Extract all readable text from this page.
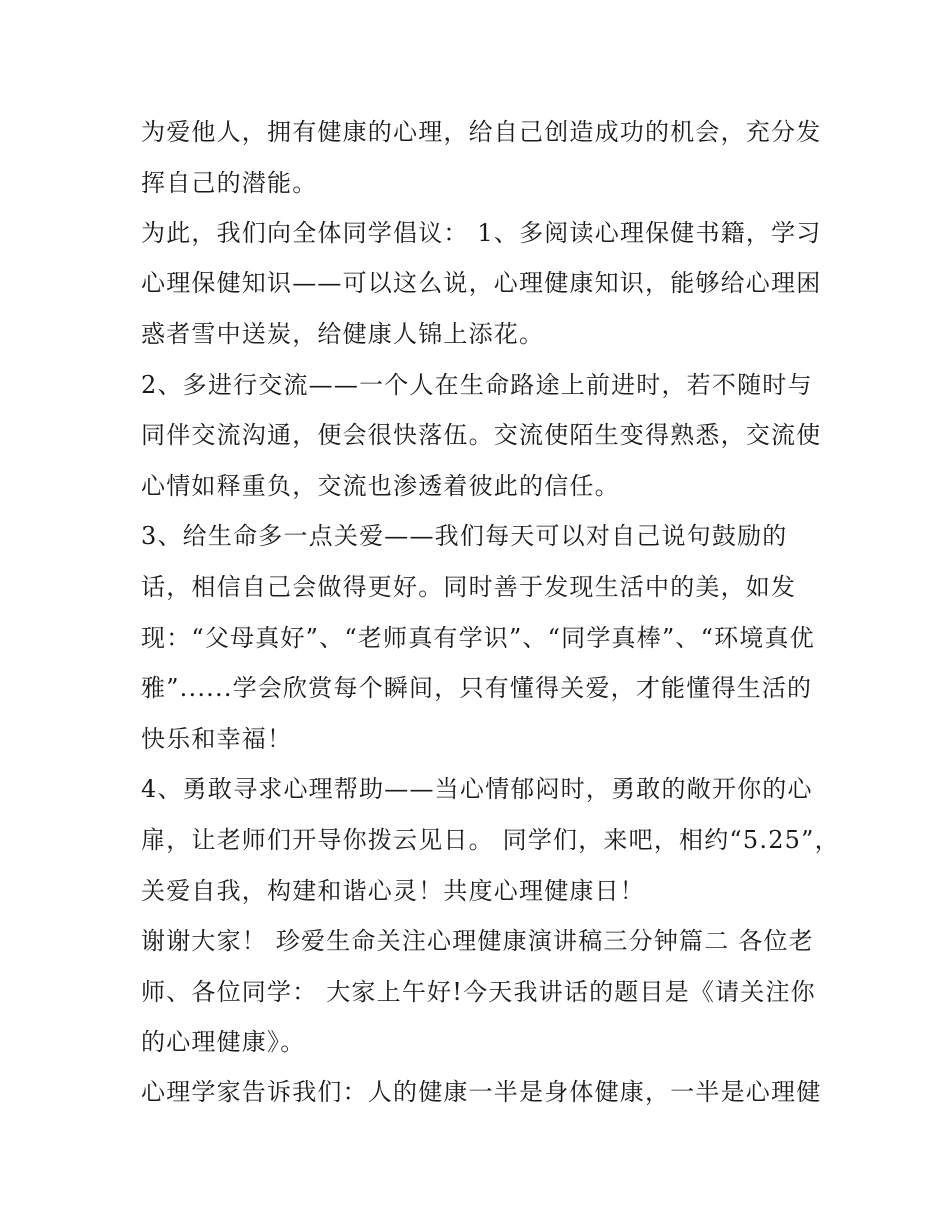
为爱他人，拥有健康的心理，给自己创造成功的机会，充分发
挥自己的潜能。
为此，我们向全体同学倡议： 1、多阅读心理保健书籍，学习
心理保健知识——可以这么说，心理健康知识，能够给心理困
惑者雪中送炭，给健康人锦上添花。
2、多进行交流——一个人在生命路途上前进时，若不随时与
同伴交流沟通，便会很快落伍。交流使陌生变得熟悉，交流使
心情如释重负，交流也渗透着彼此的信任。
3、给生命多一点关爱——我们每天可以对自己说句鼓励的
话，相信自己会做得更好。同时善于发现生活中的美，如发
现：“父母真好”、“老师真有学识”、“同学真棒”、“环境真优
雅”......学会欣赏每个瞬间，只有懂得关爱，才能懂得生活的
快乐和幸福！
4、勇敢寻求心理帮助——当心情郁闷时，勇敢的敞开你的心
扉，让老师们开导你拨云见日。 同学们，来吧，相约“5.25”，
关爱自我，构建和谐心灵！共度心理健康日！
谢谢大家！ 珍爱生命关注心理健康演讲稿三分钟篇二 各位老
师、各位同学： 大家上午好!今天我讲话的题目是《请关注你
的心理健康》。
心理学家告诉我们：人的健康一半是身体健康，一半是心理健
